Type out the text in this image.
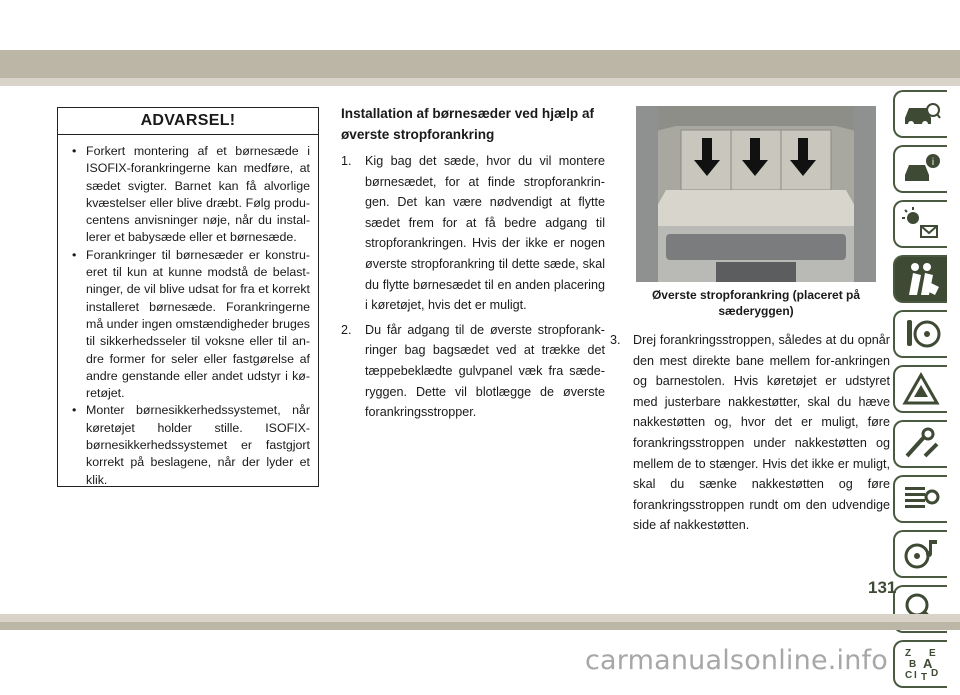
ADVARSEL!
• Forkert montering af et børnesæde i ISOFIX-forankringerne kan medføre, at sædet svigter. Barnet kan få alvorlige kvæstelser eller blive dræbt. Følg produ-centens anvisninger nøje, når du instal-lerer et babysæde eller et børnesæde.
• Forankringer til børnesæder er konstru-eret til kun at kunne modstå de belast-ninger, de vil blive udsat for fra et korrekt installeret børnesæde. Forankringerne må under ingen omstændigheder bruges til sikkerhedsseler til voksne eller til an-dre former for seler eller fastgørelse af andre genstande eller andet udstyr i kø-retøjet.
• Monter børnesikkerhedssystemet, når køretøjet holder stille. ISOFIX-børnesikkerhedssystemet er fastgjort korrekt på beslagene, når der lyder et klik.
Installation af børnesæder ved hjælp af øverste stropforankring
1. Kig bag det sæde, hvor du vil montere børnesædet, for at finde stropforankrin-gen. Det kan være nødvendigt at flytte sædet frem for at få bedre adgang til stropforankringen. Hvis der ikke er nogen øverste stropforankring til dette sæde, skal du flytte børnesædet til en anden placering i køretøjet, hvis det er muligt.
2. Du får adgang til de øverste stropforank-ringer bag bagsædet ved at trække det tæppebeklædte gulvpanel væk fra sæde-ryggen. Dette vil blotlægge de øverste forankringsstropper.
Øverste stropforankring (placeret på
sæderyggen)
3. Drej forankringsstroppen, således at du opnår den mest direkte bane mellem for-ankringen og barnestolen. Hvis køretøjet er udstyret med justerbare nakkestøtter, skal du hæve nakkestøtten og, hvor det er muligt, føre forankringsstroppen under nakkestøtten og mellem de to stænger. Hvis det ikke er muligt, skal du sænke nakkestøtten og føre forankringsstroppen rundt om den udvendige side af nakkestøtten.
i
Z E
B A
C D
I T
131
carmanualsonline.info
